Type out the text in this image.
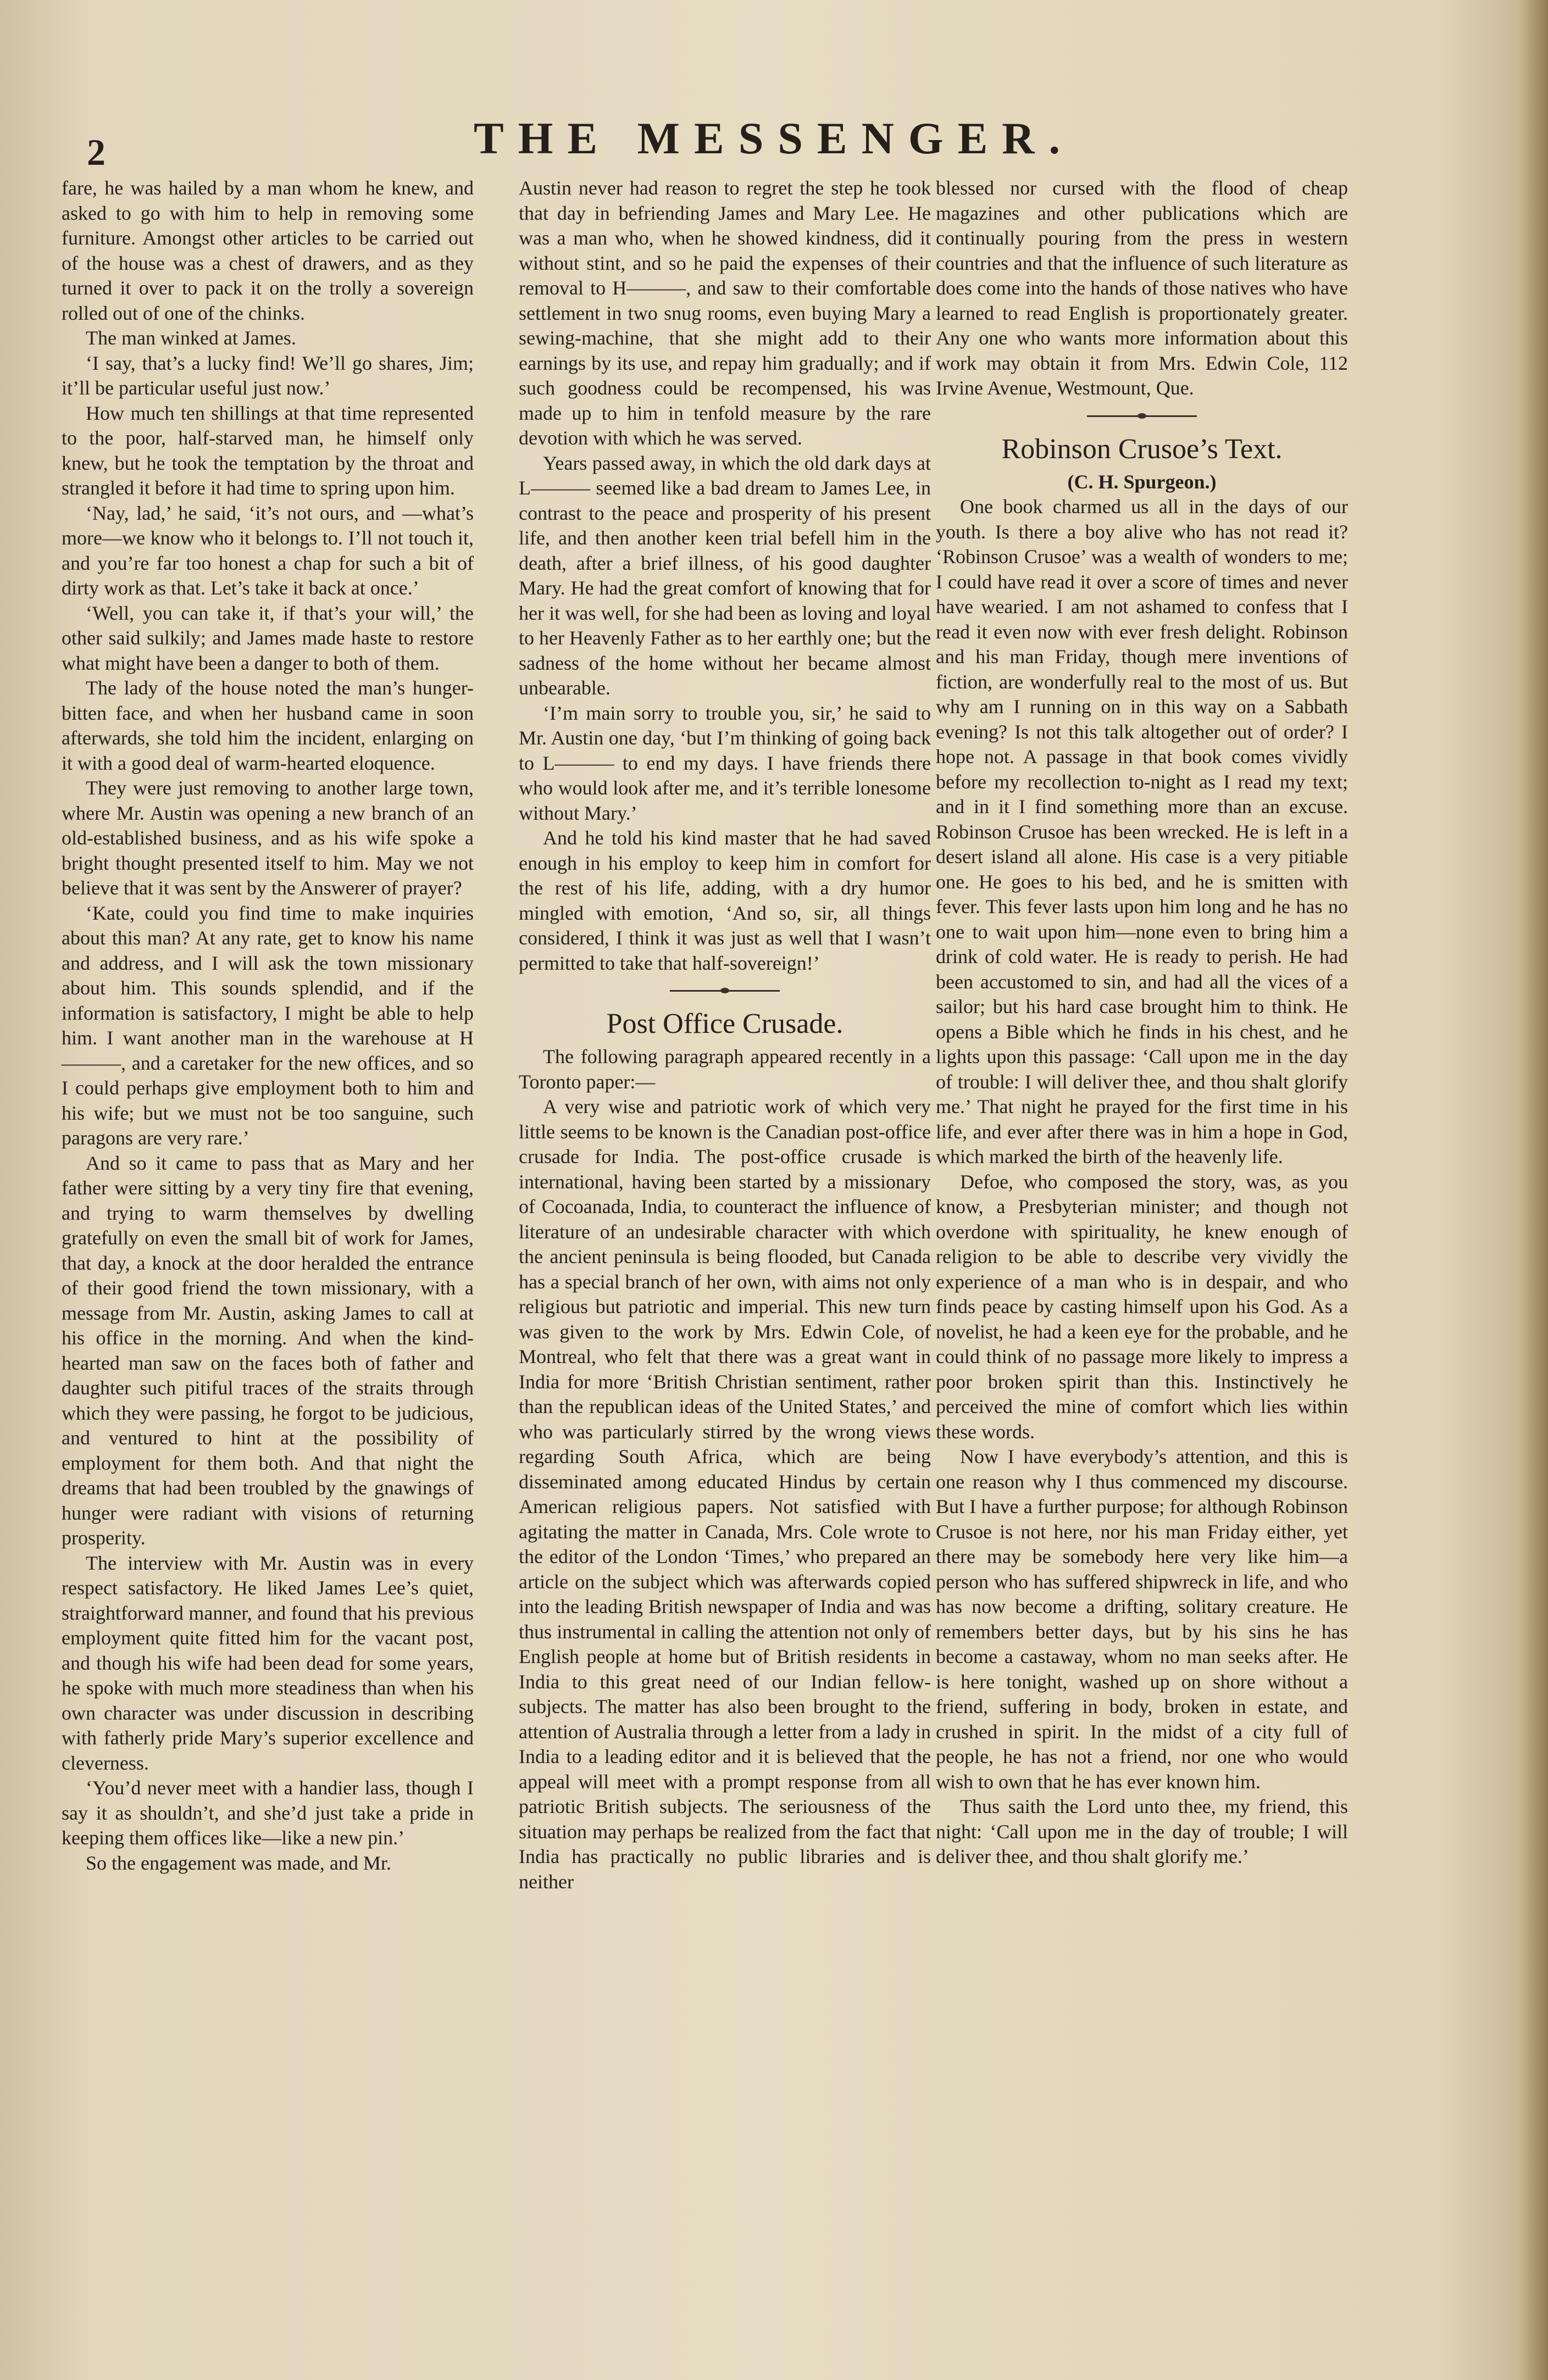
2	THE MESSENGER.

fare, he was hailed by a man whom he knew, and asked to go with him to help in removing some furniture. Amongst other articles to be carried out of the house was a chest of drawers, and as they turned it over to pack it on the trolly a sovereign rolled out of one of the chinks.

The man winked at James.

‘I say, that’s a lucky find! We’ll go shares, Jim; it’ll be particular useful just now.’

How much ten shillings at that time represented to the poor, half-starved man, he himself only knew, but he took the temptation by the throat and strangled it before it had time to spring upon him.

‘Nay, lad,’ he said, ‘it’s not ours, and —what’s more—we know who it belongs to. I’ll not touch it, and you’re far too honest a chap for such a bit of dirty work as that. Let’s take it back at once.’

‘Well, you can take it, if that’s your will,’ the other said sulkily; and James made haste to restore what might have been a danger to both of them.

The lady of the house noted the man’s hunger-bitten face, and when her husband came in soon afterwards, she told him the incident, enlarging on it with a good deal of warm-hearted eloquence.

They were just removing to another large town, where Mr. Austin was opening a new branch of an old-established business, and as his wife spoke a bright thought presented itself to him. May we not believe that it was sent by the Answerer of prayer?

‘Kate, could you find time to make inquiries about this man? At any rate, get to know his name and address, and I will ask the town missionary about him. This sounds splendid, and if the information is satisfactory, I might be able to help him. I want another man in the warehouse at H———, and a caretaker for the new offices, and so I could perhaps give employment both to him and his wife; but we must not be too sanguine, such paragons are very rare.’

And so it came to pass that as Mary and her father were sitting by a very tiny fire that evening, and trying to warm themselves by dwelling gratefully on even the small bit of work for James, that day, a knock at the door heralded the entrance of their good friend the town missionary, with a message from Mr. Austin, asking James to call at his office in the morning. And when the kind-hearted man saw on the faces both of father and daughter such pitiful traces of the straits through which they were passing, he forgot to be judicious, and ventured to hint at the possibility of employment for them both. And that night the dreams that had been troubled by the gnawings of hunger were radiant with visions of returning prosperity.

The interview with Mr. Austin was in every respect satisfactory. He liked James Lee’s quiet, straightforward manner, and found that his previous employment quite fitted him for the vacant post, and though his wife had been dead for some years, he spoke with much more steadiness than when his own character was under discussion in describing with fatherly pride Mary’s superior excellence and cleverness.

‘You’d never meet with a handier lass, though I say it as shouldn’t, and she’d just take a pride in keeping them offices like—like a new pin.’

So the engagement was made, and Mr.

Austin never had reason to regret the step he took that day in befriending James and Mary Lee. He was a man who, when he showed kindness, did it without stint, and so he paid the expenses of their removal to H———, and saw to their comfortable settlement in two snug rooms, even buying Mary a sewing-machine, that she might add to their earnings by its use, and repay him gradually; and if such goodness could be recompensed, his was made up to him in tenfold measure by the rare devotion with which he was served.

Years passed away, in which the old dark days at L——— seemed like a bad dream to James Lee, in contrast to the peace and prosperity of his present life, and then another keen trial befell him in the death, after a brief illness, of his good daughter Mary. He had the great comfort of knowing that for her it was well, for she had been as loving and loyal to her Heavenly Father as to her earthly one; but the sadness of the home without her became almost unbearable.

‘I’m main sorry to trouble you, sir,’ he said to Mr. Austin one day, ‘but I’m thinking of going back to L——— to end my days. I have friends there who would look after me, and it’s terrible lonesome without Mary.’

And he told his kind master that he had saved enough in his employ to keep him in comfort for the rest of his life, adding, with a dry humor mingled with emotion, ‘And so, sir, all things considered, I think it was just as well that I wasn’t permitted to take that half-sovereign!’

Post Office Crusade.

The following paragraph appeared recently in a Toronto paper:—

A very wise and patriotic work of which very little seems to be known is the Canadian post-office crusade for India. The post-office crusade is international, having been started by a missionary of Cocoanada, India, to counteract the influence of literature of an undesirable character with which the ancient peninsula is being flooded, but Canada has a special branch of her own, with aims not only religious but patriotic and imperial. This new turn was given to the work by Mrs. Edwin Cole, of Montreal, who felt that there was a great want in India for more ‘British Christian sentiment, rather than the republican ideas of the United States,’ and who was particularly stirred by the wrong views regarding South Africa, which are being disseminated among educated Hindus by certain American religious papers. Not satisfied with agitating the matter in Canada, Mrs. Cole wrote to the editor of the London ‘Times,’ who prepared an article on the subject which was afterwards copied into the leading British newspaper of India and was thus instrumental in calling the attention not only of English people at home but of British residents in India to this great need of our Indian fellow-subjects. The matter has also been brought to the attention of Australia through a letter from a lady in India to a leading editor and it is believed that the appeal will meet with a prompt response from all patriotic British subjects. The seriousness of the situation may perhaps be realized from the fact that India has practically no public libraries and is neither

blessed nor cursed with the flood of cheap magazines and other publications which are continually pouring from the press in western countries and that the influence of such literature as does come into the hands of those natives who have learned to read English is proportionately greater. Any one who wants more information about this work may obtain it from Mrs. Edwin Cole, 112 Irvine Avenue, Westmount, Que.

Robinson Crusoe’s Text.

(C. H. Spurgeon.)

One book charmed us all in the days of our youth. Is there a boy alive who has not read it? ‘Robinson Crusoe’ was a wealth of wonders to me; I could have read it over a score of times and never have wearied. I am not ashamed to confess that I read it even now with ever fresh delight. Robinson and his man Friday, though mere inventions of fiction, are wonderfully real to the most of us. But why am I running on in this way on a Sabbath evening? Is not this talk altogether out of order? I hope not. A passage in that book comes vividly before my recollection to-night as I read my text; and in it I find something more than an excuse. Robinson Crusoe has been wrecked. He is left in a desert island all alone. His case is a very pitiable one. He goes to his bed, and he is smitten with fever. This fever lasts upon him long and he has no one to wait upon him—none even to bring him a drink of cold water. He is ready to perish. He had been accustomed to sin, and had all the vices of a sailor; but his hard case brought him to think. He opens a Bible which he finds in his chest, and he lights upon this passage: ‘Call upon me in the day of trouble: I will deliver thee, and thou shalt glorify me.’ That night he prayed for the first time in his life, and ever after there was in him a hope in God, which marked the birth of the heavenly life.

Defoe, who composed the story, was, as you know, a Presbyterian minister; and though not overdone with spirituality, he knew enough of religion to be able to describe very vividly the experience of a man who is in despair, and who finds peace by casting himself upon his God. As a novelist, he had a keen eye for the probable, and he could think of no passage more likely to impress a poor broken spirit than this. Instinctively he perceived the mine of comfort which lies within these words.

Now I have everybody’s attention, and this is one reason why I thus commenced my discourse. But I have a further purpose; for although Robinson Crusoe is not here, nor his man Friday either, yet there may be somebody here very like him—a person who has suffered shipwreck in life, and who has now become a drifting, solitary creature. He remembers better days, but by his sins he has become a castaway, whom no man seeks after. He is here tonight, washed up on shore without a friend, suffering in body, broken in estate, and crushed in spirit. In the midst of a city full of people, he has not a friend, nor one who would wish to own that he has ever known him.

Thus saith the Lord unto thee, my friend, this night: ‘Call upon me in the day of trouble; I will deliver thee, and thou shalt glorify me.’
